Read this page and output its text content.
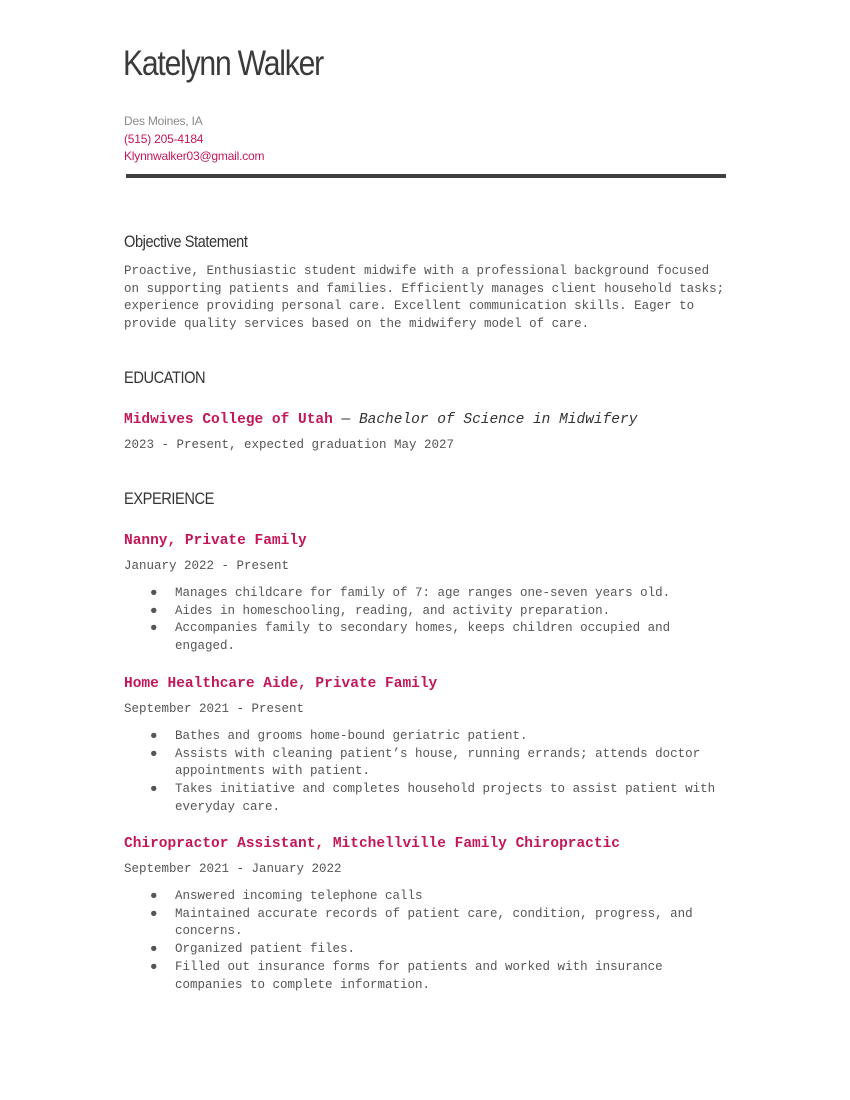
Katelynn Walker
Des Moines, IA
(515) 205-4184
Klynnwalker03@gmail.com
Objective Statement

Proactive, Enthusiastic student midwife with a professional background focused
on supporting patients and families. Efficiently manages client household tasks;
experience providing personal care. Excellent communication skills. Eager to
provide quality services based on the midwifery model of care.

EDUCATION
Midwives College of Utah — Bachelor of Science in Midwifery
2023 - Present, expected graduation May 2027
EXPERIENCE
Nanny, Private Family
January 2022 - Present
● Manages childcare for family of 7: age ranges one-seven years old.
● Aides in homeschooling, reading, and activity preparation.
● Accompanies family to secondary homes, keeps children occupied and
engaged.
Home Healthcare Aide, Private Family
September 2021 - Present
● Bathes and grooms home-bound geriatric patient.
● Assists with cleaning patient’s house, running errands; attends doctor
appointments with patient.
● Takes initiative and completes household projects to assist patient with
everyday care.
Chiropractor Assistant, Mitchellville Family Chiropractic
September 2021 - January 2022
● Answered incoming telephone calls
● Maintained accurate records of patient care, condition, progress, and
concerns.
● Organized patient files.
● Filled out insurance forms for patients and worked with insurance
companies to complete information.
